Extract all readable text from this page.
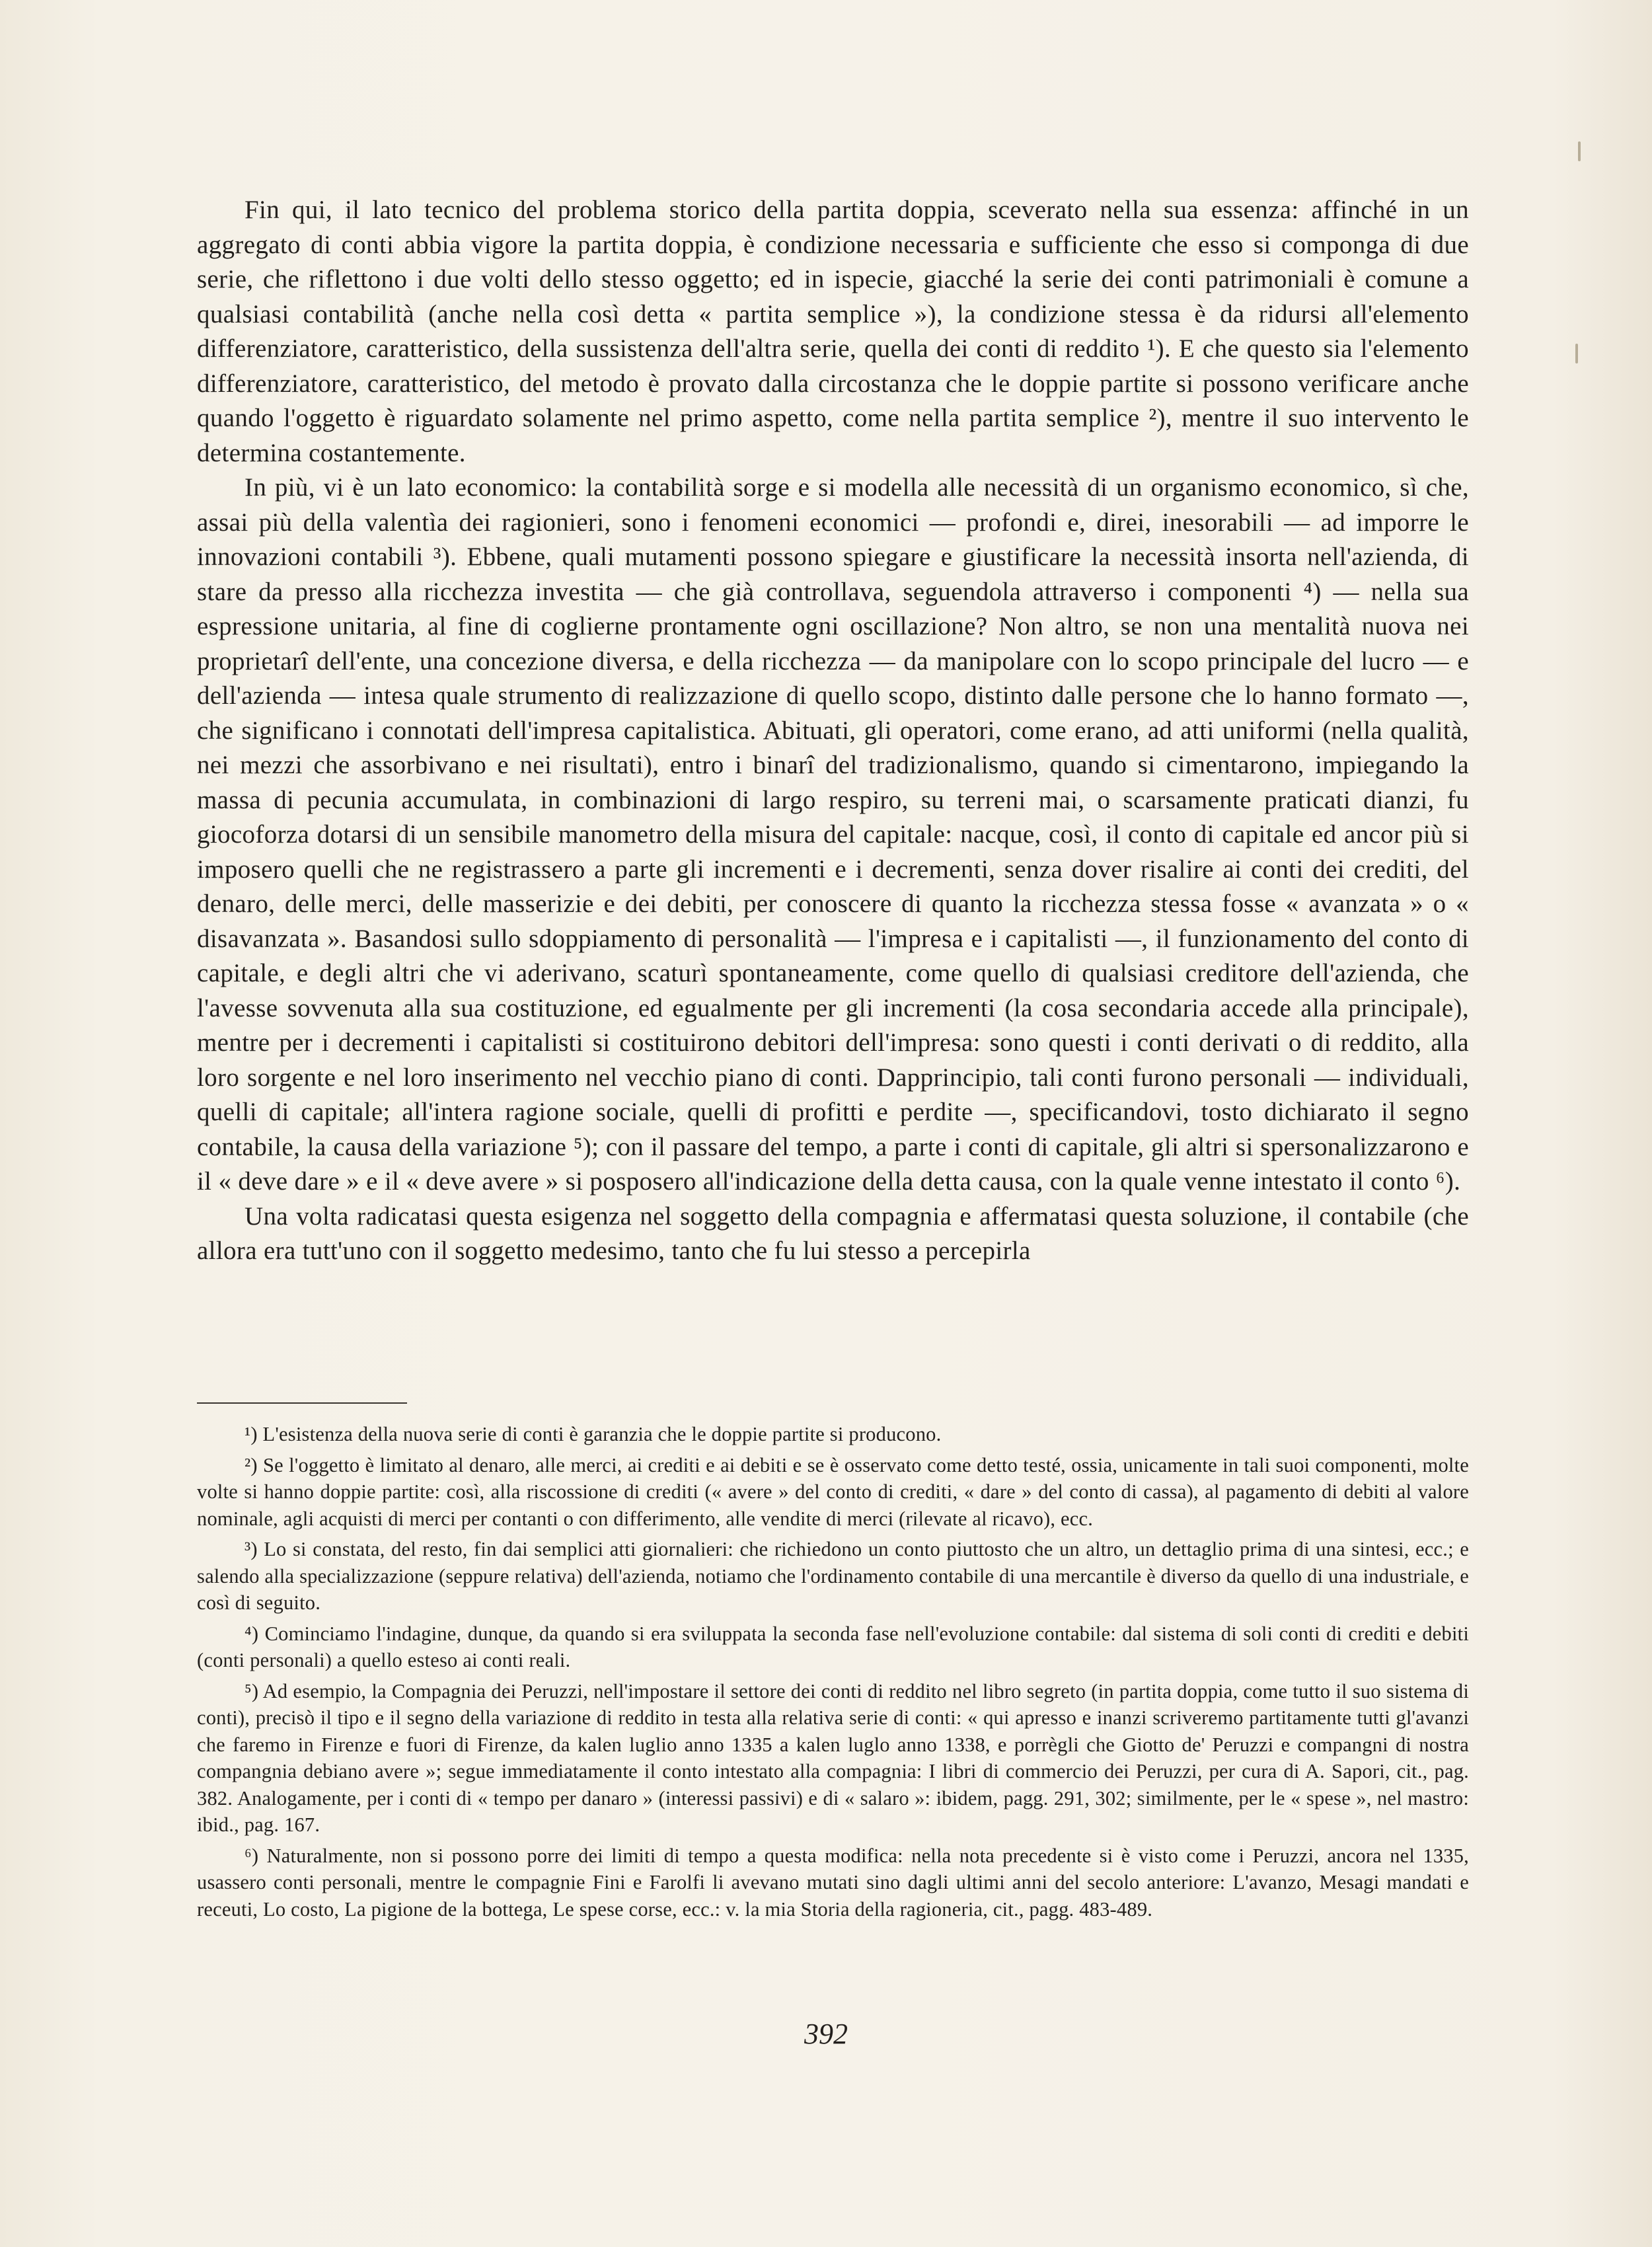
Fin qui, il lato tecnico del problema storico della partita doppia, sceverato nella sua essenza: affinché in un aggregato di conti abbia vigore la partita doppia, è condizione necessaria e sufficiente che esso si componga di due serie, che riflettono i due volti dello stesso oggetto; ed in ispecie, giacché la serie dei conti patrimoniali è comune a qualsiasi contabilità (anche nella così detta « partita semplice »), la condizione stessa è da ridursi all'elemento differenziatore, caratteristico, della sussistenza dell'altra serie, quella dei conti di reddito ¹). E che questo sia l'elemento differenziatore, caratteristico, del metodo è provato dalla circostanza che le doppie partite si possono verificare anche quando l'oggetto è riguardato solamente nel primo aspetto, come nella partita semplice ²), mentre il suo intervento le determina costantemente.

In più, vi è un lato economico: la contabilità sorge e si modella alle necessità di un organismo economico, sì che, assai più della valentìa dei ragionieri, sono i fenomeni economici — profondi e, direi, inesorabili — ad imporre le innovazioni contabili ³). Ebbene, quali mutamenti possono spiegare e giustificare la necessità insorta nell'azienda, di stare da presso alla ricchezza investita — che già controllava, seguendola attraverso i componenti ⁴) — nella sua espressione unitaria, al fine di coglierne prontamente ogni oscillazione? Non altro, se non una mentalità nuova nei proprietarî dell'ente, una concezione diversa, e della ricchezza — da manipolare con lo scopo principale del lucro — e dell'azienda — intesa quale strumento di realizzazione di quello scopo, distinto dalle persone che lo hanno formato —, che significano i connotati dell'impresa capitalistica. Abituati, gli operatori, come erano, ad atti uniformi (nella qualità, nei mezzi che assorbivano e nei risultati), entro i binarî del tradizionalismo, quando si cimentarono, impiegando la massa di pecunia accumulata, in combinazioni di largo respiro, su terreni mai, o scarsamente praticati dianzi, fu giocoforza dotarsi di un sensibile manometro della misura del capitale: nacque, così, il conto di capitale ed ancor più si imposero quelli che ne registrassero a parte gli incrementi e i decrementi, senza dover risalire ai conti dei crediti, del denaro, delle merci, delle masserizie e dei debiti, per conoscere di quanto la ricchezza stessa fosse « avanzata » o « disavanzata ». Basandosi sullo sdoppiamento di personalità — l'impresa e i capitalisti —, il funzionamento del conto di capitale, e degli altri che vi aderivano, scaturì spontaneamente, come quello di qualsiasi creditore dell'azienda, che l'avesse sovvenuta alla sua costituzione, ed egualmente per gli incrementi (la cosa secondaria accede alla principale), mentre per i decrementi i capitalisti si costituirono debitori dell'impresa: sono questi i conti derivati o di reddito, alla loro sorgente e nel loro inserimento nel vecchio piano di conti. Dapprincipio, tali conti furono personali — individuali, quelli di capitale; all'intera ragione sociale, quelli di profitti e perdite —, specificandovi, tosto dichiarato il segno contabile, la causa della variazione ⁵); con il passare del tempo, a parte i conti di capitale, gli altri si spersonalizzarono e il « deve dare » e il « deve avere » si posposero all'indicazione della detta causa, con la quale venne intestato il conto ⁶).

Una volta radicatasi questa esigenza nel soggetto della compagnia e affermatasi questa soluzione, il contabile (che allora era tutt'uno con il soggetto medesimo, tanto che fu lui stesso a percepirla

¹) L'esistenza della nuova serie di conti è garanzia che le doppie partite si producono.

²) Se l'oggetto è limitato al denaro, alle merci, ai crediti e ai debiti e se è osservato come detto testé, ossia, unicamente in tali suoi componenti, molte volte si hanno doppie partite: così, alla riscossione di crediti (« avere » del conto di crediti, « dare » del conto di cassa), al pagamento di debiti al valore nominale, agli acquisti di merci per contanti o con differimento, alle vendite di merci (rilevate al ricavo), ecc.

³) Lo si constata, del resto, fin dai semplici atti giornalieri: che richiedono un conto piuttosto che un altro, un dettaglio prima di una sintesi, ecc.; e salendo alla specializzazione (seppure relativa) dell'azienda, notiamo che l'ordinamento contabile di una mercantile è diverso da quello di una industriale, e così di seguito.

⁴) Cominciamo l'indagine, dunque, da quando si era sviluppata la seconda fase nell'evoluzione contabile: dal sistema di soli conti di crediti e debiti (conti personali) a quello esteso ai conti reali.

⁵) Ad esempio, la Compagnia dei Peruzzi, nell'impostare il settore dei conti di reddito nel libro segreto (in partita doppia, come tutto il suo sistema di conti), precisò il tipo e il segno della variazione di reddito in testa alla relativa serie di conti: « qui apresso e inanzi scriveremo partitamente tutti gl'avanzi che faremo in Firenze e fuori di Firenze, da kalen luglio anno 1335 a kalen luglo anno 1338, e porrègli che Giotto de' Peruzzi e compangni di nostra compangnia debiano avere »; segue immediatamente il conto intestato alla compagnia: I libri di commercio dei Peruzzi, per cura di A. Sapori, cit., pag. 382. Analogamente, per i conti di « tempo per danaro » (interessi passivi) e di « salaro »: ibidem, pagg. 291, 302; similmente, per le « spese », nel mastro: ibid., pag. 167.

⁶) Naturalmente, non si possono porre dei limiti di tempo a questa modifica: nella nota precedente si è visto come i Peruzzi, ancora nel 1335, usassero conti personali, mentre le compagnie Fini e Farolfi li avevano mutati sino dagli ultimi anni del secolo anteriore: L'avanzo, Mesagi mandati e receuti, Lo costo, La pigione de la bottega, Le spese corse, ecc.: v. la mia Storia della ragioneria, cit., pagg. 483-489.

392
